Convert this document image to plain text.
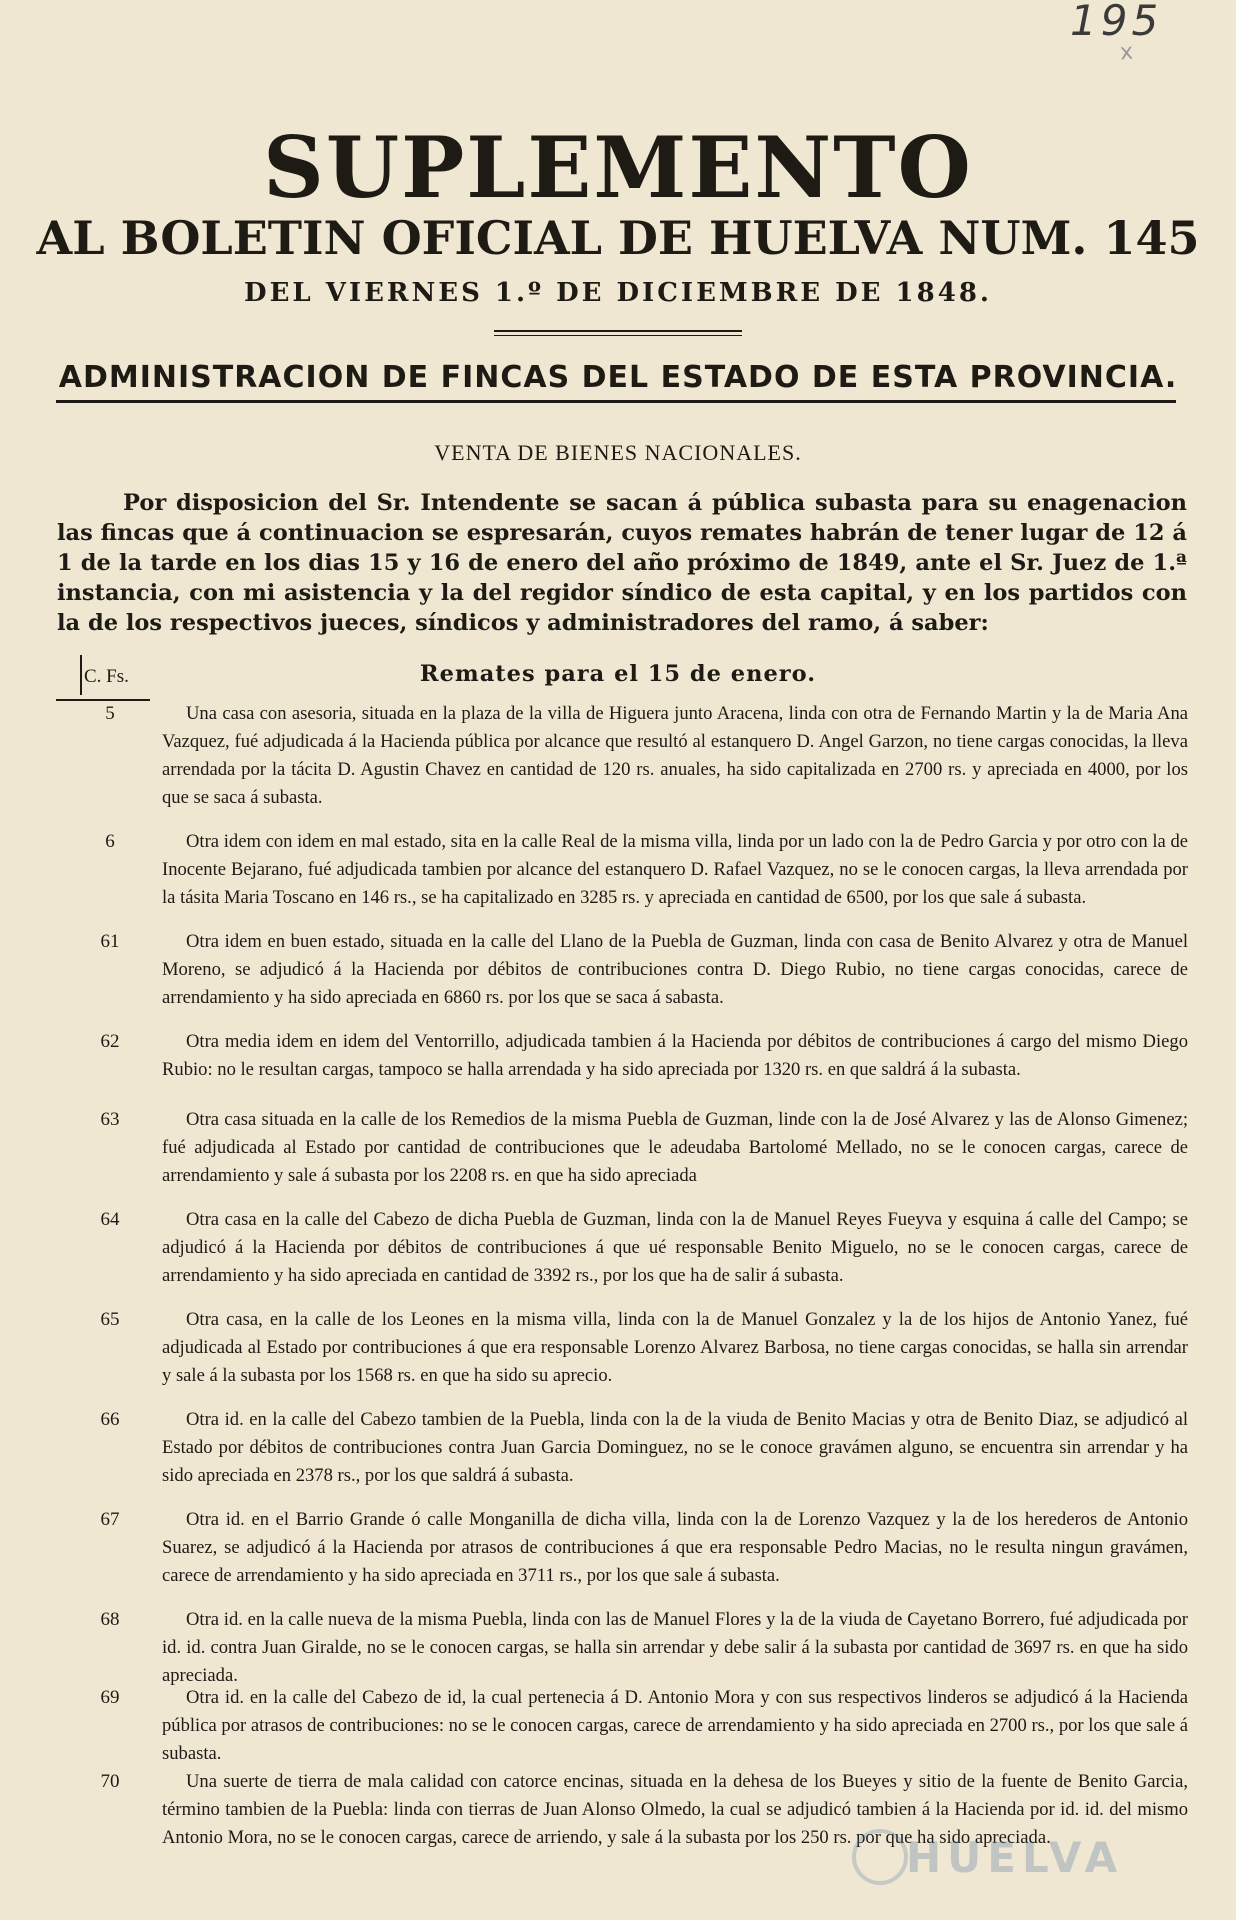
195
x
SUPLEMENTO
AL BOLETIN OFICIAL DE HUELVA NUM. 145
DEL VIERNES 1.º DE DICIEMBRE DE 1848.
ADMINISTRACION DE FINCAS DEL ESTADO DE ESTA PROVINCIA.
VENTA DE BIENES NACIONALES.
Por disposicion del Sr. Intendente se sacan á pública subasta para su enagenacion las fincas que á continuacion se espresarán, cuyos remates habrán de tener lugar de 12 á 1 de la tarde en los dias 15 y 16 de enero del año próximo de 1849, ante el Sr. Juez de 1.ª instancia, con mi asistencia y la del regidor síndico de esta capital, y en los partidos con la de los respectivos jueces, síndicos y administradores del ramo, á saber:
C. Fs.	Remates para el 15 de enero.
5	Una casa con asesoria, situada en la plaza de la villa de Higuera junto Aracena, linda con otra de Fernando Martin y la de Maria Ana Vazquez, fué adjudicada á la Hacienda pública por alcance que resultó al estanquero D. Angel Garzon, no tiene cargas conocidas, la lleva arrendada por la tácita D. Agustin Chavez en cantidad de 120 rs. anuales, ha sido capitalizada en 2700 rs. y apreciada en 4000, por los que se saca á subasta.
6	Otra idem con idem en mal estado, sita en la calle Real de la misma villa, linda por un lado con la de Pedro Garcia y por otro con la de Inocente Bejarano, fué adjudicada tambien por alcance del estanquero D. Rafael Vazquez, no se le conocen cargas, la lleva arrendada por la tásita Maria Toscano en 146 rs., se ha capitalizado en 3285 rs. y apreciada en cantidad de 6500, por los que sale á subasta.
61	Otra idem en buen estado, situada en la calle del Llano de la Puebla de Guzman, linda con casa de Benito Alvarez y otra de Manuel Moreno, se adjudicó á la Hacienda por débitos de contribuciones contra D. Diego Rubio, no tiene cargas conocidas, carece de arrendamiento y ha sido apreciada en 6860 rs. por los que se saca á sabasta.
62	Otra media idem en idem del Ventorrillo, adjudicada tambien á la Hacienda por débitos de contribuciones á cargo del mismo Diego Rubio: no le resultan cargas, tampoco se halla arrendada y ha sido apreciada por 1320 rs. en que saldrá á la subasta.
63	Otra casa situada en la calle de los Remedios de la misma Puebla de Guzman, linde con la de José Alvarez y las de Alonso Gimenez; fué adjudicada al Estado por cantidad de contribuciones que le adeudaba Bartolomé Mellado, no se le conocen cargas, carece de arrendamiento y sale á subasta por los 2208 rs. en que ha sido apreciada
64	Otra casa en la calle del Cabezo de dicha Puebla de Guzman, linda con la de Manuel Reyes Fueyva y esquina á calle del Campo; se adjudicó á la Hacienda por débitos de contribuciones á que ué responsable Benito Miguelo, no se le conocen cargas, carece de arrendamiento y ha sido apreciada en cantidad de 3392 rs., por los que ha de salir á subasta.
65	Otra casa, en la calle de los Leones en la misma villa, linda con la de Manuel Gonzalez y la de los hijos de Antonio Yanez, fué adjudicada al Estado por contribuciones á que era responsable Lorenzo Alvarez Barbosa, no tiene cargas conocidas, se halla sin arrendar y sale á la subasta por los 1568 rs. en que ha sido su aprecio.
66	Otra id. en la calle del Cabezo tambien de la Puebla, linda con la de la viuda de Benito Macias y otra de Benito Diaz, se adjudicó al Estado por débitos de contribuciones contra Juan Garcia Dominguez, no se le conoce gravámen alguno, se encuentra sin arrendar y ha sido apreciada en 2378 rs., por los que saldrá á subasta.
67	Otra id. en el Barrio Grande ó calle Monganilla de dicha villa, linda con la de Lorenzo Vazquez y la de los herederos de Antonio Suarez, se adjudicó á la Hacienda por atrasos de contribuciones á que era responsable Pedro Macias, no le resulta ningun gravámen, carece de arrendamiento y ha sido apreciada en 3711 rs., por los que sale á subasta.
68	Otra id. en la calle nueva de la misma Puebla, linda con las de Manuel Flores y la de la viuda de Cayetano Borrero, fué adjudicada por id. id. contra Juan Giralde, no se le conocen cargas, se halla sin arrendar y debe salir á la subasta por cantidad de 3697 rs. en que ha sido apreciada.
69	Otra id. en la calle del Cabezo de id, la cual pertenecia á D. Antonio Mora y con sus respectivos linderos se adjudicó á la Hacienda pública por atrasos de contribuciones: no se le conocen cargas, carece de arrendamiento y ha sido apreciada en 2700 rs., por los que sale á subasta.
70	Una suerte de tierra de mala calidad con catorce encinas, situada en la dehesa de los Bueyes y sitio de la fuente de Benito Garcia, término tambien de la Puebla: linda con tierras de Juan Alonso Olmedo, la cual se adjudicó tambien á la Hacienda por id. id. del mismo Antonio Mora, no se le conocen cargas, carece de arriendo, y sale á la subasta por los 250 rs. por que ha sido apreciada.
HUELVA
